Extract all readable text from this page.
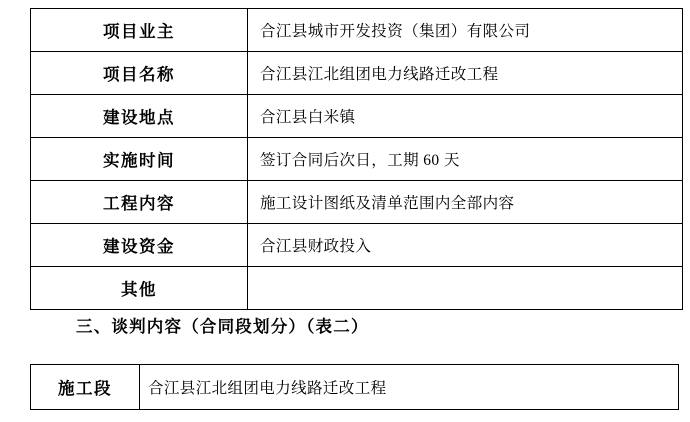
项目业主	合江县城市开发投资（集团）有限公司
项目名称	合江县江北组团电力线路迁改工程
建设地点	合江县白米镇
实施时间	签订合同后次日，工期 60 天
工程内容	施工设计图纸及清单范围内全部内容
建设资金	合江县财政投入
其他	
三、谈判内容（合同段划分）（表二）
施工段	合江县江北组团电力线路迁改工程
